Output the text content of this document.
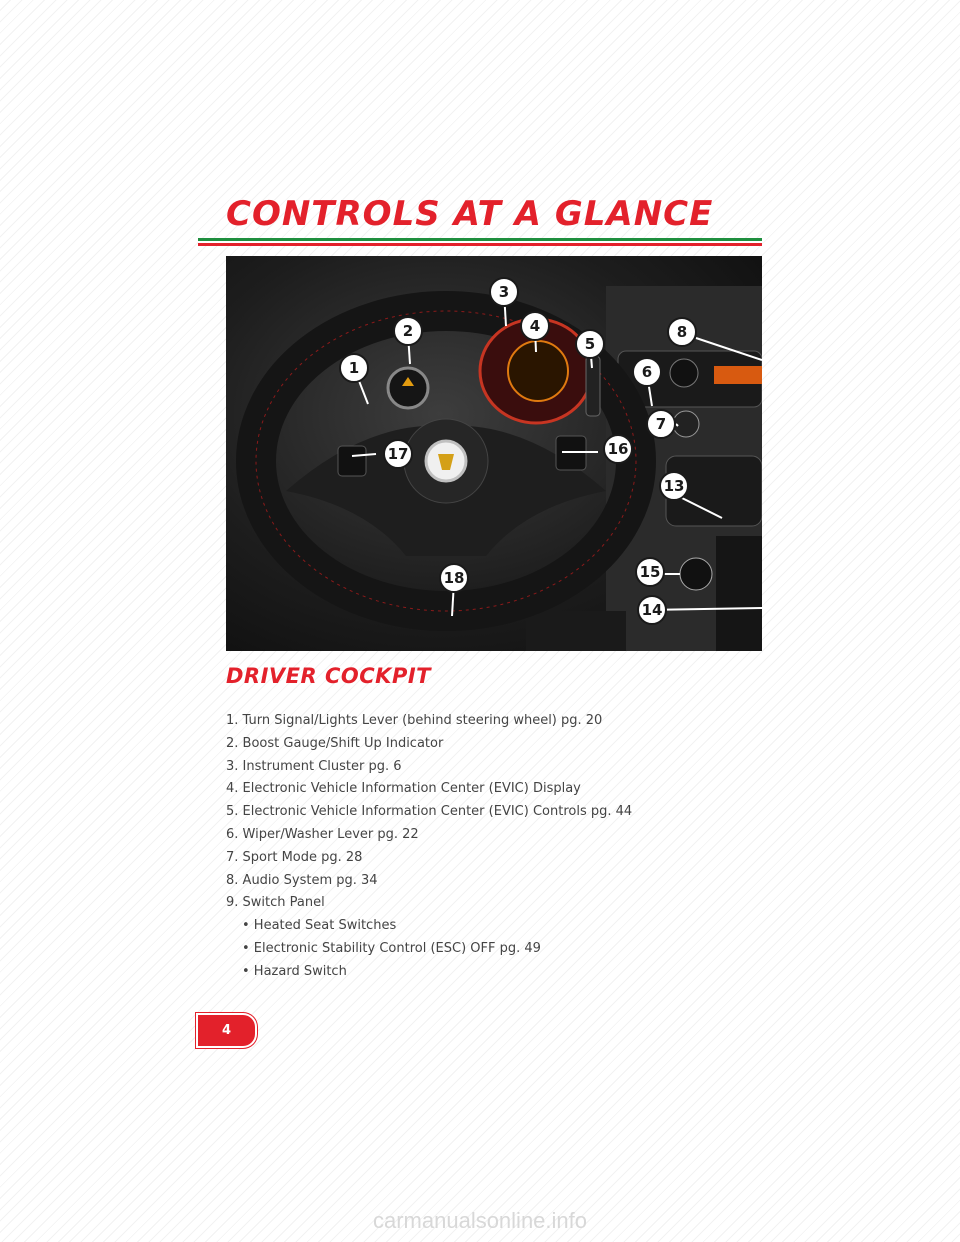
CONTROLS AT A GLANCE
1
2
3
4
5
6
7
8
13
14
15
16
17
18
DRIVER COCKPIT
1. Turn Signal/Lights Lever (behind steering wheel) pg. 20
2. Boost Gauge/Shift Up Indicator
3. Instrument Cluster pg. 6
4. Electronic Vehicle Information Center (EVIC) Display
5. Electronic Vehicle Information Center (EVIC) Controls pg. 44
6. Wiper/Washer Lever pg. 22
7. Sport Mode pg. 28
8. Audio System pg. 34
9. Switch Panel
• Heated Seat Switches
• Electronic Stability Control (ESC) OFF pg. 49
• Hazard Switch
4
carmanualsonline.info
